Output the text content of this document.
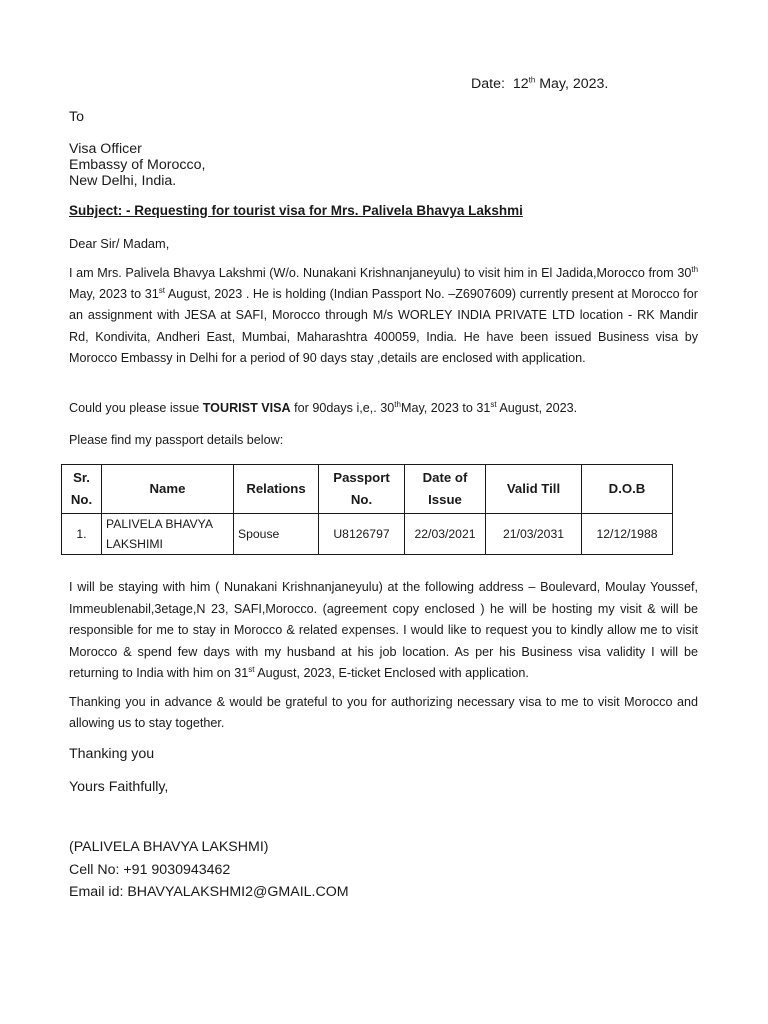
Date: 12th May, 2023.
To
Visa Officer
Embassy of Morocco,
New Delhi, India.
Subject: - Requesting for tourist visa for Mrs. Palivela Bhavya Lakshmi
Dear Sir/ Madam,
I am Mrs. Palivela Bhavya Lakshmi (W/o. Nunakani Krishnanjaneyulu) to visit him in El Jadida,Morocco from 30th May, 2023 to 31st August, 2023 . He is holding (Indian Passport No. –Z6907609) currently present at Morocco for an assignment with JESA at SAFI, Morocco through M/s WORLEY INDIA PRIVATE LTD location - RK Mandir Rd, Kondivita, Andheri East, Mumbai, Maharashtra 400059, India. He have been issued Business visa by Morocco Embassy in Delhi for a period of 90 days stay ,details are enclosed with application.
Could you please issue TOURIST VISA for 90days i,e,. 30thMay, 2023 to 31st August, 2023.
Please find my passport details below:
Sr. No.	Name	Relations	Passport No.	Date of Issue	Valid Till	D.O.B
1.	PALIVELA BHAVYA LAKSHIMI	Spouse	U8126797	22/03/2021	21/03/2031	12/12/1988
I will be staying with him ( Nunakani Krishnanjaneyulu) at the following address – Boulevard, Moulay Youssef, Immeublenabil,3etage,N 23, SAFI,Morocco. (agreement copy enclosed ) he will be hosting my visit & will be responsible for me to stay in Morocco & related expenses. I would like to request you to kindly allow me to visit Morocco & spend few days with my husband at his job location. As per his Business visa validity I will be returning to India with him on 31st August, 2023, E-ticket Enclosed with application.
Thanking you in advance & would be grateful to you for authorizing necessary visa to me to visit Morocco and allowing us to stay together.
Thanking you
Yours Faithfully,
(PALIVELA BHAVYA LAKSHMI)
Cell No: +91 9030943462
Email id: BHAVYALAKSHMI2@GMAIL.COM
